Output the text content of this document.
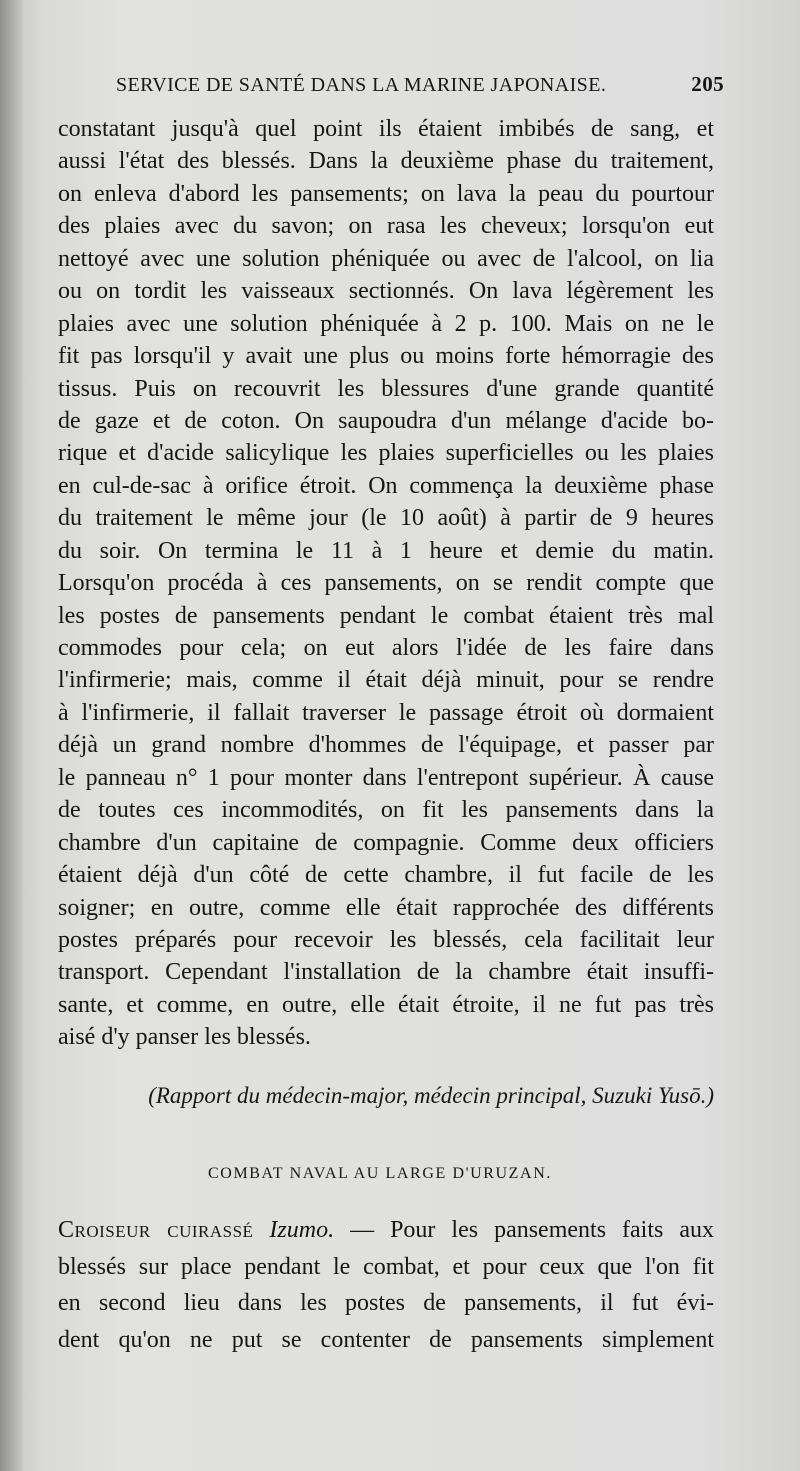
SERVICE DE SANTÉ DANS LA MARINE JAPONAISE.	205
constatant jusqu'à quel point ils étaient imbibés de sang, et
aussi l'état des blessés. Dans la deuxième phase du traitement,
on enleva d'abord les pansements; on lava la peau du pourtour
des plaies avec du savon; on rasa les cheveux; lorsqu'on eut
nettoyé avec une solution phéniquée ou avec de l'alcool, on lia
ou on tordit les vaisseaux sectionnés. On lava légèrement les
plaies avec une solution phéniquée à 2 p. 100. Mais on ne le
fit pas lorsqu'il y avait une plus ou moins forte hémorragie des
tissus. Puis on recouvrit les blessures d'une grande quantité
de gaze et de coton. On saupoudra d'un mélange d'acide bo-
rique et d'acide salicylique les plaies superficielles ou les plaies
en cul-de-sac à orifice étroit. On commença la deuxième phase
du traitement le même jour (le 10 août) à partir de 9 heures
du soir. On termina le 11 à 1 heure et demie du matin.
Lorsqu'on procéda à ces pansements, on se rendit compte que
les postes de pansements pendant le combat étaient très mal
commodes pour cela; on eut alors l'idée de les faire dans
l'infirmerie; mais, comme il était déjà minuit, pour se rendre
à l'infirmerie, il fallait traverser le passage étroit où dormaient
déjà un grand nombre d'hommes de l'équipage, et passer par
le panneau n° 1 pour monter dans l'entrepont supérieur. À cause
de toutes ces incommodités, on fit les pansements dans la
chambre d'un capitaine de compagnie. Comme deux officiers
étaient déjà d'un côté de cette chambre, il fut facile de les
soigner; en outre, comme elle était rapprochée des différents
postes préparés pour recevoir les blessés, cela facilitait leur
transport. Cependant l'installation de la chambre était insuffi-
sante, et comme, en outre, elle était étroite, il ne fut pas très
aisé d'y panser les blessés.
(Rapport du médecin-major, médecin principal, Suzuki Yusō.)
COMBAT NAVAL AU LARGE D'URUZAN.
Croiseur cuirassé Izumo. — Pour les pansements faits aux
blessés sur place pendant le combat, et pour ceux que l'on fit
en second lieu dans les postes de pansements, il fut évi-
dent qu'on ne put se contenter de pansements simplement
